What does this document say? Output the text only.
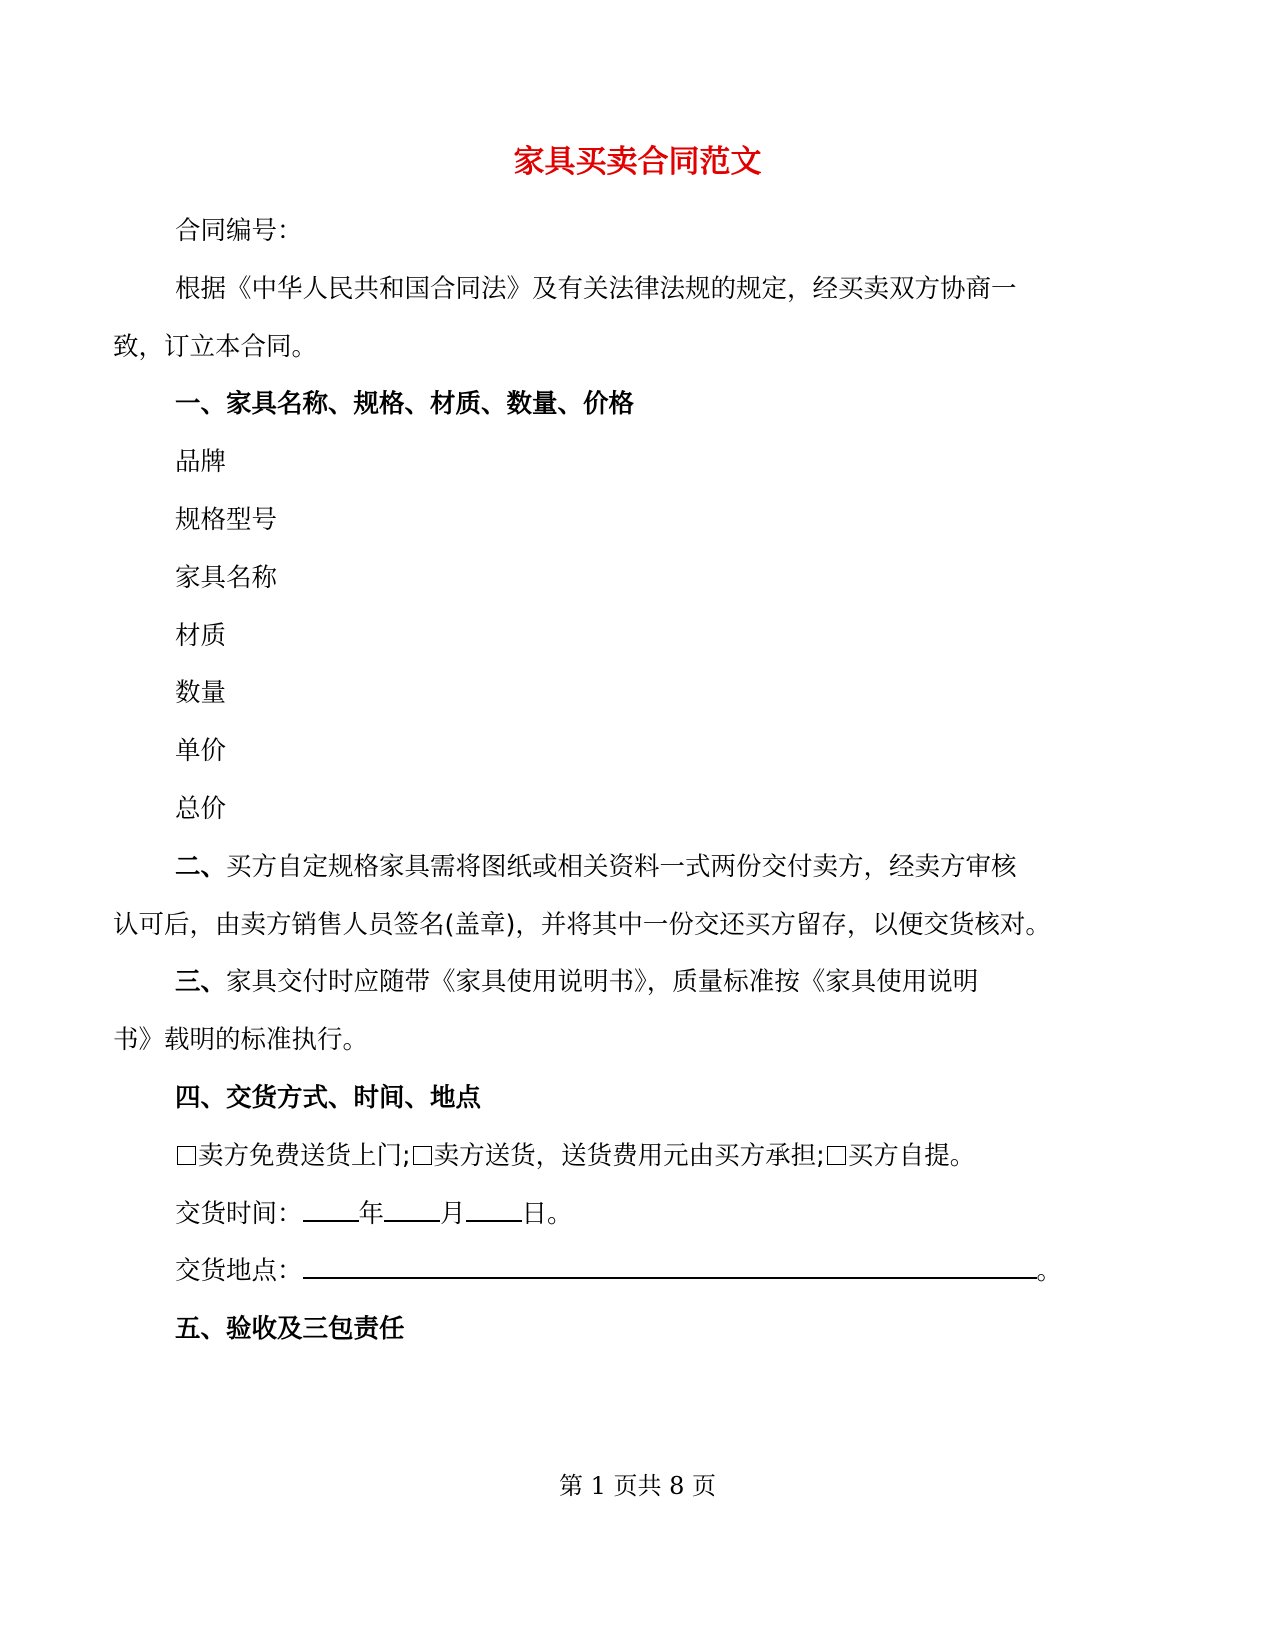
家具买卖合同范文

合同编号：

根据《中华人民共和国合同法》及有关法律法规的规定，经买卖双方协商一

致，订立本合同。

一、家具名称、规格、材质、数量、价格

品牌

规格型号

家具名称

材质

数量

单价

总价

二、买方自定规格家具需将图纸或相关资料一式两份交付卖方，经卖方审核

认可后，由卖方销售人员签名(盖章)，并将其中一份交还买方留存，以便交货核对。

三、家具交付时应随带《家具使用说明书》，质量标准按《家具使用说明

书》载明的标准执行。

四、交货方式、时间、地点

卖方免费送货上门; 卖方送货，送货费用元由买方承担; 买方自提。

交货时间： 年 月 日。

交货地点：	。

五、验收及三包责任

第 1 页共 8 页
